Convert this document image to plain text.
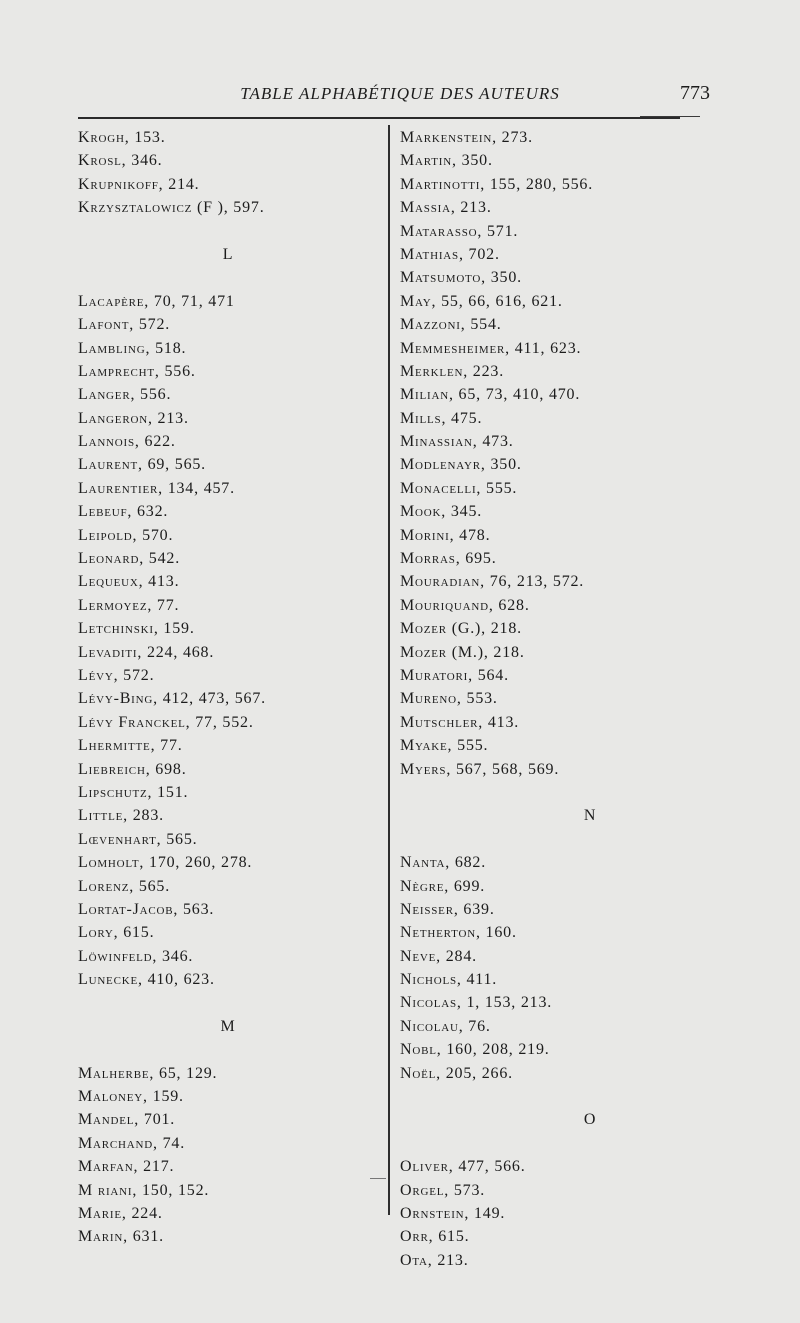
TABLE ALPHABÉTIQUE DES AUTEURS	773
Krogh, 153.
Krosl, 346.
Krupnikoff, 214.
Krzysztalowicz (F ), 597.
L
Lacapère, 70, 71, 471
Lafont, 572.
Lambling, 518.
Lamprecht, 556.
Langer, 556.
Langeron, 213.
Lannois, 622.
Laurent, 69, 565.
Laurentier, 134, 457.
Lebeuf, 632.
Leipold, 570.
Leonard, 542.
Lequeux, 413.
Lermoyez, 77.
Letchinski, 159.
Levaditi, 224, 468.
Lévy, 572.
Lévy-Bing, 412, 473, 567.
Lévy Franckel, 77, 552.
Lhermitte, 77.
Liebreich, 698.
Lipschutz, 151.
Little, 283.
Lœvenhart, 565.
Lomholt, 170, 260, 278.
Lorenz, 565.
Lortat-Jacob, 563.
Lory, 615.
Löwinfeld, 346.
Lunecke, 410, 623.
M
Malherbe, 65, 129.
Maloney, 159.
Mandel, 701.
Marchand, 74.
Marfan, 217.
M riani, 150, 152.
Marie, 224.
Marin, 631.
Markenstein, 273.
Martin, 350.
Martinotti, 155, 280, 556.
Massia, 213.
Matarasso, 571.
Mathias, 702.
Matsumoto, 350.
May, 55, 66, 616, 621.
Mazzoni, 554.
Memmesheimer, 411, 623.
Merklen, 223.
Milian, 65, 73, 410, 470.
Mills, 475.
Minassian, 473.
Modlenayr, 350.
Monacelli, 555.
Mook, 345.
Morini, 478.
Morras, 695.
Mouradian, 76, 213, 572.
Mouriquand, 628.
Mozer (G.), 218.
Mozer (M.), 218.
Muratori, 564.
Mureno, 553.
Mutschler, 413.
Myake, 555.
Myers, 567, 568, 569.
N
Nanta, 682.
Nègre, 699.
Neisser, 639.
Netherton, 160.
Neve, 284.
Nichols, 411.
Nicolas, 1, 153, 213.
Nicolau, 76.
Nobl, 160, 208, 219.
Noël, 205, 266.
O
Oliver, 477, 566.
Orgel, 573.
Ornstein, 149.
Orr, 615.
Ota, 213.
